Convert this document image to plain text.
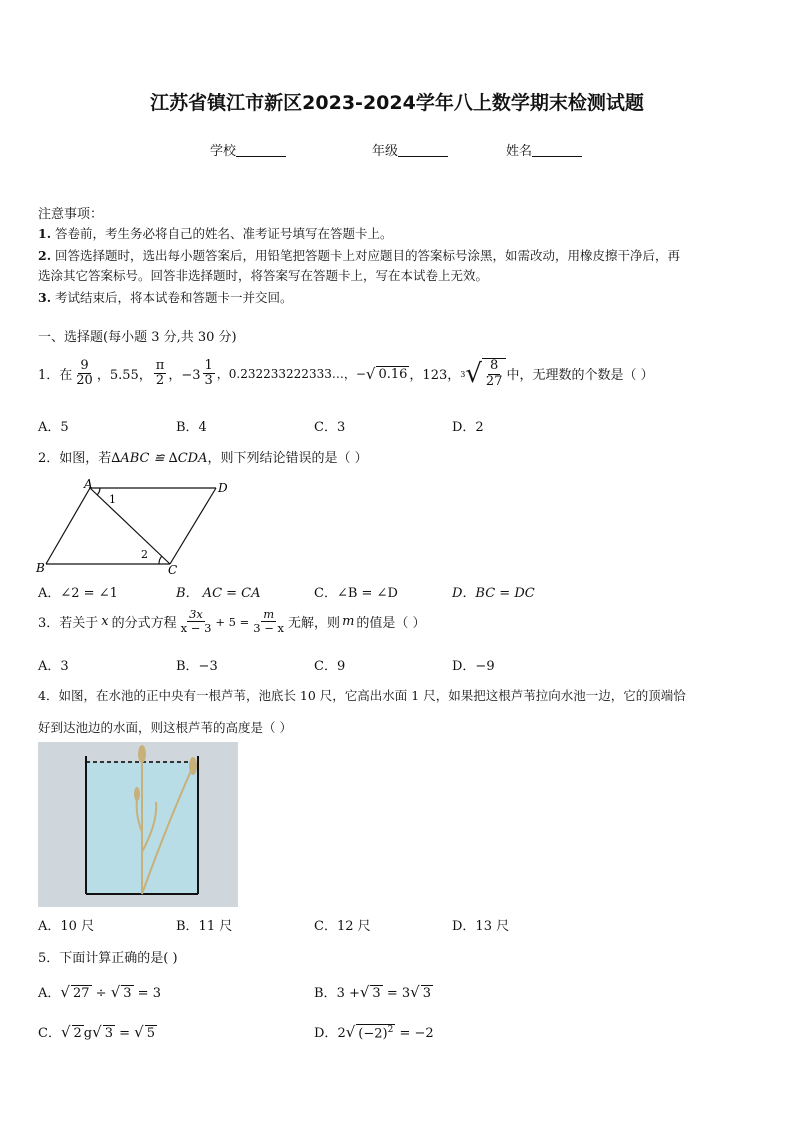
江苏省镇江市新区2023-2024学年八上数学期末检测试题
学校	年级	姓名
注意事项：
1. 答卷前，考生务必将自己的姓名、准考证号填写在答题卡上。
2. 回答选择题时，选出每小题答案后，用铅笔把答题卡上对应题目的答案标号涂黑，如需改动，用橡皮擦干净后，再
选涂其它答案标号。回答非选择题时，将答案写在答题卡上，写在本试卷上无效。
3. 考试结束后，将本试卷和答题卡一并交回。
一、选择题(每小题 3 分,共 30 分)
1．在 $\frac{9}{20}$ ，5.55， $\frac{\pi}{2}$ ，$-3 \frac{1}{3}$ ，0.232233222333…，− √ 0.16 ，123， 3 √ $\frac{8}{27}$ 中，无理数的个数是（ ）
A．5	B．4	C．3	D．2
2．如图，若∆ABC ≌ ∆CDA，则下列结论错误的是（ ）
A	D
B	C
1
2
A．∠2 = ∠1	B． AC = CA	C．∠B = ∠D	D．BC = DC
3．若关于 x 的分式方程 $\frac{3x}{x - 3} + 5 = \frac{m}{3 - x}$ 无解，则 m 的值是（ ）
A．3	B．−3	C．9	D．−9
4．如图，在水池的正中央有一根芦苇，池底长 10 尺，它高出水面 1 尺，如果把这根芦苇拉向水池一边，它的顶端恰
好到达池边的水面，则这根芦苇的高度是（ ）
A．10 尺	B．11 尺	C．12 尺	D．13 尺
5．下面计算正确的是( )
A．√ 27 ÷ √ 3 = 3	B．3 +√ 3 = 3√ 3
C．√ 2 g√ 3 = √ 5	D．2√ $(-2)^2 = -2$
